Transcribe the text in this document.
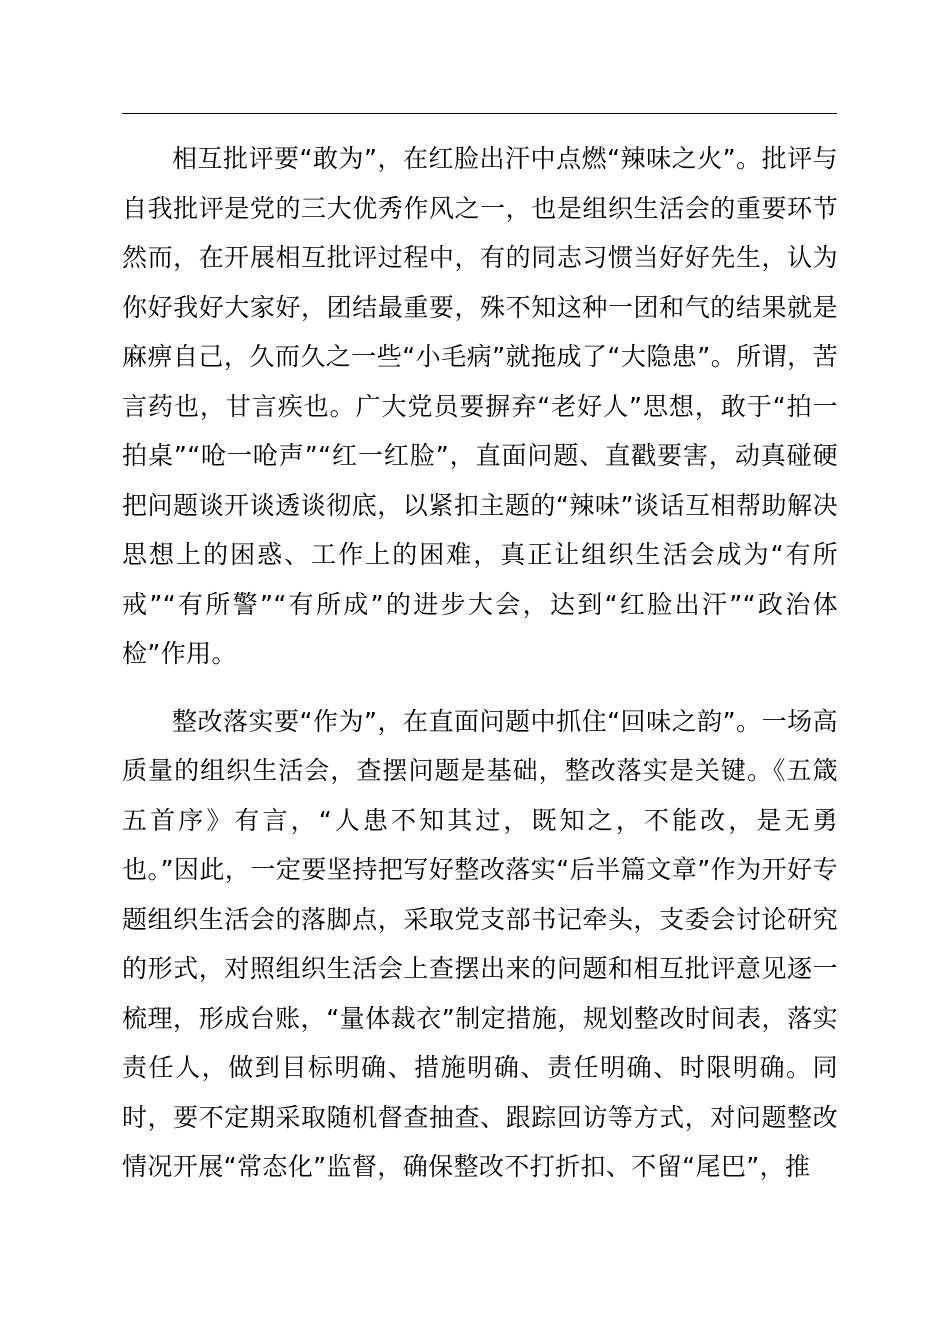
相互批评要“敢为”，在红脸出汗中点燃“辣味之火”。批评与自我批评是党的三大优秀作风之一，也是组织生活会的重要环节然而，在开展相互批评过程中，有的同志习惯当好好先生，认为你好我好大家好，团结最重要，殊不知这种一团和气的结果就是麻痹自己，久而久之一些“小毛病”就拖成了“大隐患”。所谓，苦言药也，甘言疾也。广大党员要摒弃“老好人”思想，敢于“拍一拍桌”“呛一呛声”“红一红脸”，直面问题、直戳要害，动真碰硬把问题谈开谈透谈彻底，以紧扣主题的“辣味”谈话互相帮助解决思想上的困惑、工作上的困难，真正让组织生活会成为“有所戒”“有所警”“有所成”的进步大会，达到“红脸出汗”“政治体检”作用。

整改落实要“作为”，在直面问题中抓住“回味之韵”。一场高质量的组织生活会，查摆问题是基础，整改落实是关键。《五箴五首序》有言，“人患不知其过，既知之，不能改，是无勇也。”因此，一定要坚持把写好整改落实“后半篇文章”作为开好专题组织生活会的落脚点，采取党支部书记牵头，支委会讨论研究的形式，对照组织生活会上查摆出来的问题和相互批评意见逐一梳理，形成台账，“量体裁衣”制定措施，规划整改时间表，落实责任人，做到目标明确、措施明确、责任明确、时限明确。同时，要不定期采取随机督查抽查、跟踪回访等方式，对问题整改情况开展“常态化”监督，确保整改不打折扣、不留“尾巴”，推
